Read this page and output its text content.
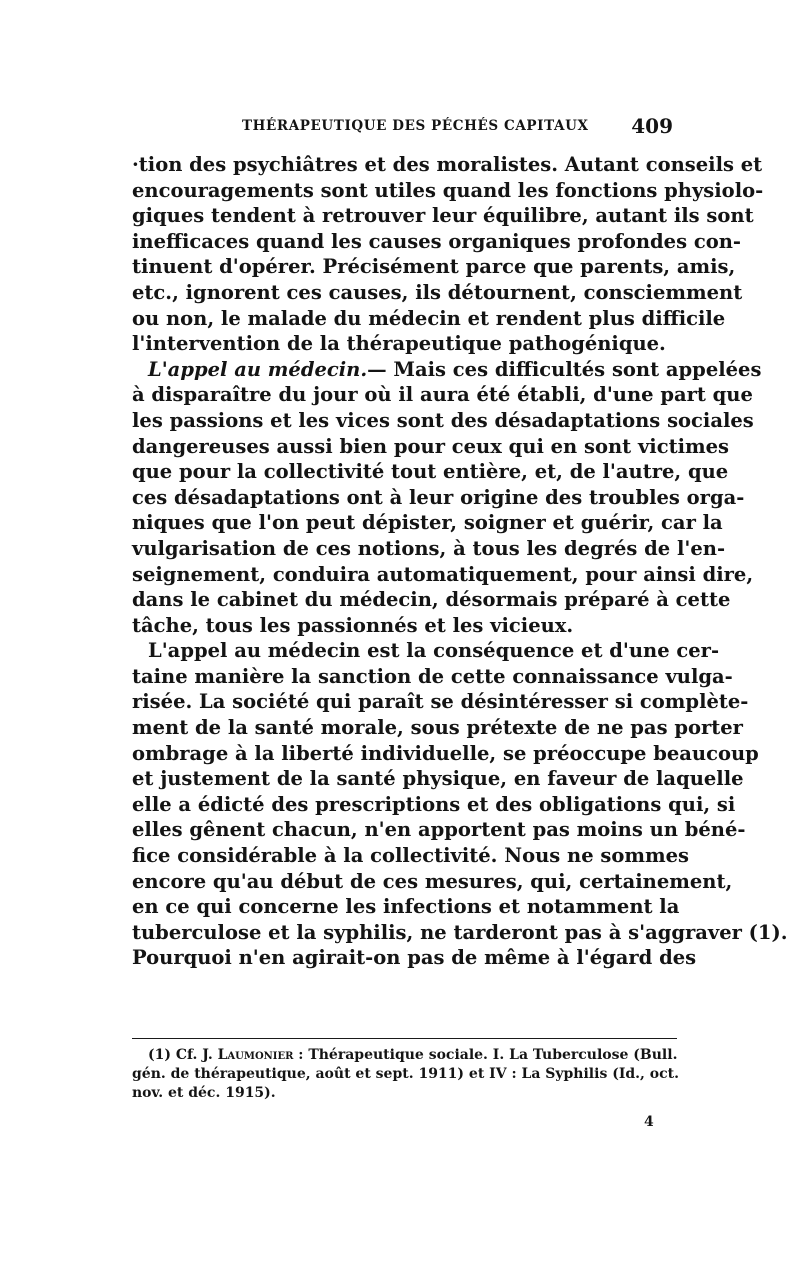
THÉRAPEUTIQUE DES PÉCHÉS CAPITAUX 409
·tion des psychiâtres et des moralistes. Autant conseils et
encouragements sont utiles quand les fonctions physiolo-
giques tendent à retrouver leur équilibre, autant ils sont
inefficaces quand les causes organiques profondes con-
tinuent d'opérer. Précisément parce que parents, amis,
etc., ignorent ces causes, ils détournent, consciemment
ou non, le malade du médecin et rendent plus difficile
l'intervention de la thérapeutique pathogénique.
L'appel au médecin.— Mais ces difficultés sont appelées
à disparaître du jour où il aura été établi, d'une part que
les passions et les vices sont des désadaptations sociales
dangereuses aussi bien pour ceux qui en sont victimes
que pour la collectivité tout entière, et, de l'autre, que
ces désadaptations ont à leur origine des troubles orga-
niques que l'on peut dépister, soigner et guérir, car la
vulgarisation de ces notions, à tous les degrés de l'en-
seignement, conduira automatiquement, pour ainsi dire,
dans le cabinet du médecin, désormais préparé à cette
tâche, tous les passionnés et les vicieux.
L'appel au médecin est la conséquence et d'une cer-
taine manière la sanction de cette connaissance vulga-
risée. La société qui paraît se désintéresser si complète-
ment de la santé morale, sous prétexte de ne pas porter
ombrage à la liberté individuelle, se préoccupe beaucoup
et justement de la santé physique, en faveur de laquelle
elle a édicté des prescriptions et des obligations qui, si
elles gênent chacun, n'en apportent pas moins un béné-
fice considérable à la collectivité. Nous ne sommes
encore qu'au début de ces mesures, qui, certainement,
en ce qui concerne les infections et notamment la
tuberculose et la syphilis, ne tarderont pas à s'aggraver (1).
Pourquoi n'en agirait-on pas de même à l'égard des
(1) Cf. J. Laumonier : Thérapeutique sociale. I. La Tuberculose (Bull.
gén. de thérapeutique, août et sept. 1911) et IV : La Syphilis (Id., oct.
nov. et déc. 1915).
4
